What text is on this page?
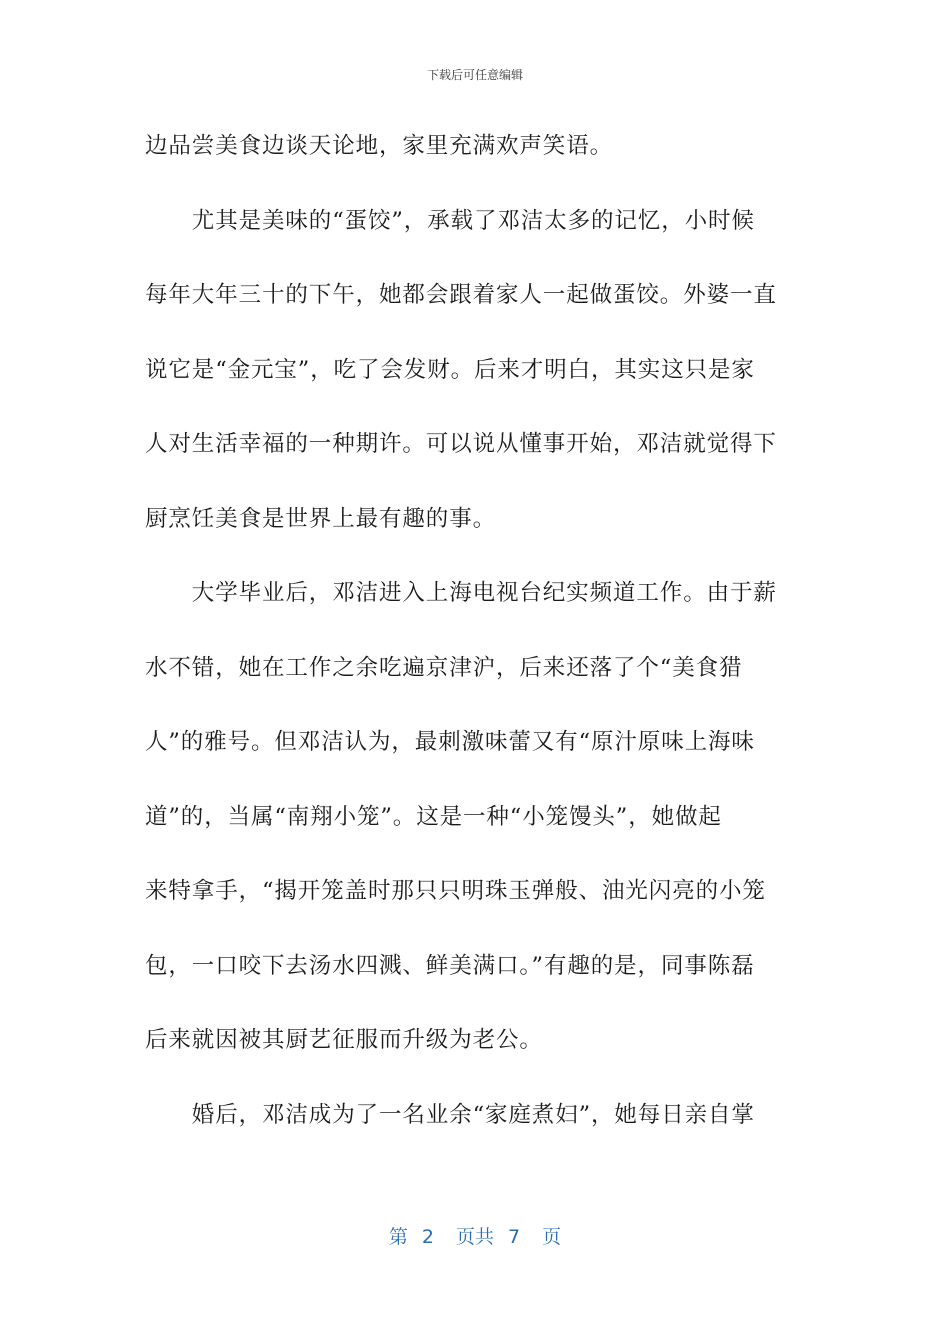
下载后可任意编辑
边品尝美食边谈天论地，家里充满欢声笑语。
　　尤其是美味的“蛋饺”，承载了邓洁太多的记忆，小时候
每年大年三十的下午，她都会跟着家人一起做蛋饺。外婆一直
说它是“金元宝”，吃了会发财。后来才明白，其实这只是家
人对生活幸福的一种期许。可以说从懂事开始，邓洁就觉得下
厨烹饪美食是世界上最有趣的事。
　　大学毕业后，邓洁进入上海电视台纪实频道工作。由于薪
水不错，她在工作之余吃遍京津沪，后来还落了个“美食猎
人”的雅号。但邓洁认为，最刺激味蕾又有“原汁原味上海味
道”的，当属“南翔小笼”。这是一种“小笼馒头”，她做起
来特拿手，“揭开笼盖时那只只明珠玉弹般、油光闪亮的小笼
包，一口咬下去汤水四溅、鲜美满口。”有趣的是，同事陈磊
后来就因被其厨艺征服而升级为老公。
　　婚后，邓洁成为了一名业余“家庭煮妇”，她每日亲自掌
第 2 页共 7 页
